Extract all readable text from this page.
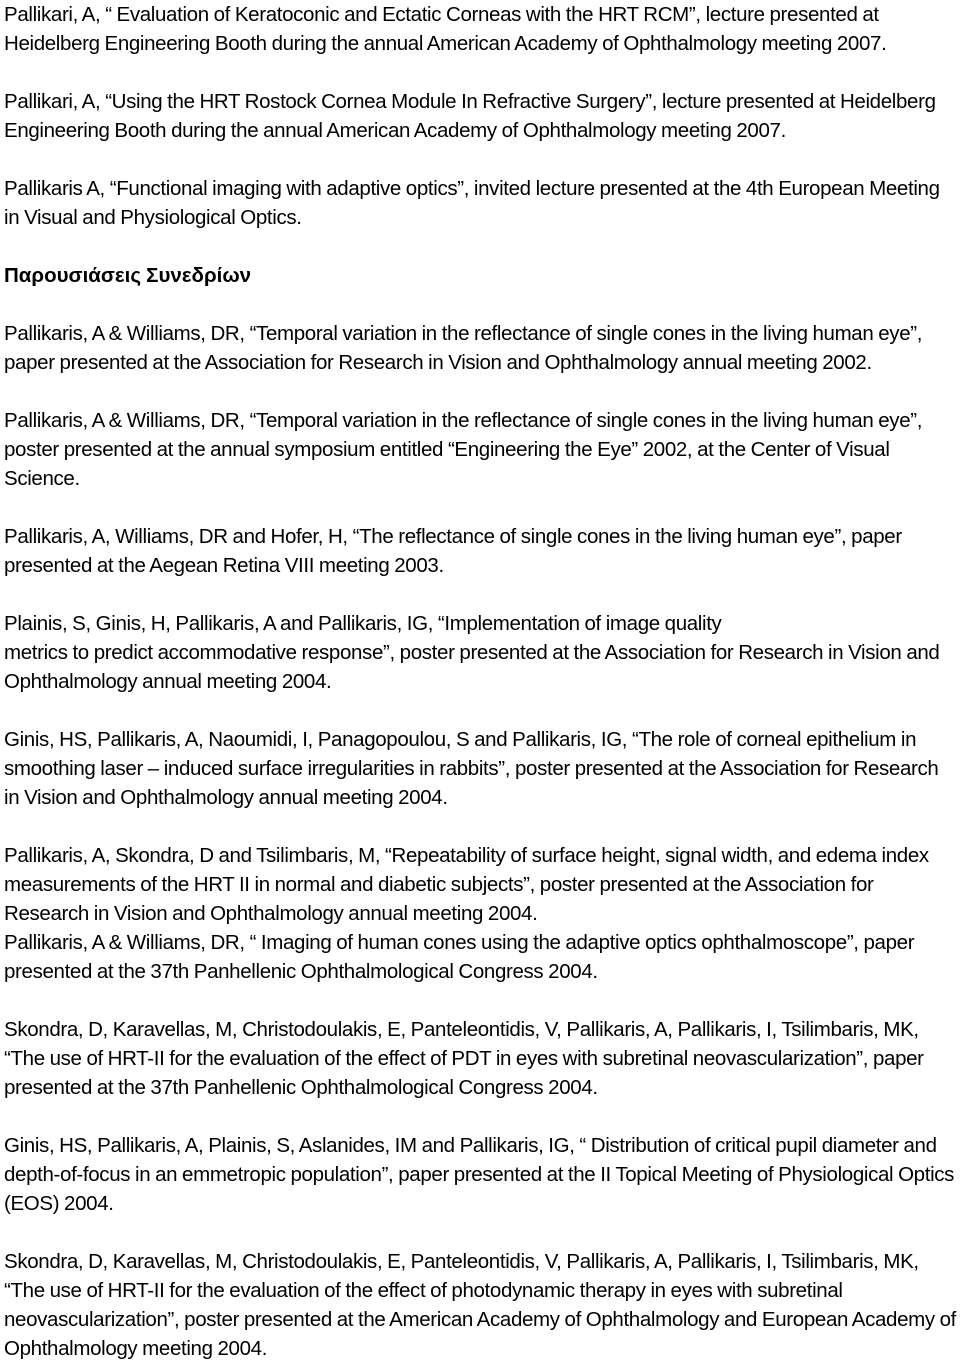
Pallikari, A, “ Evaluation of Keratoconic and Ectatic Corneas with the HRT RCM”, lecture presented at Heidelberg Engineering Booth during the annual American Academy of Ophthalmology meeting 2007.

Pallikari, A, “Using the HRT Rostock Cornea Module In Refractive Surgery”, lecture presented at Heidelberg Engineering Booth during the annual American Academy of Ophthalmology meeting 2007.

Pallikaris A, “Functional imaging with adaptive optics”, invited lecture presented at the 4th European Meeting in Visual and Physiological Optics.

Παρουσιάσεις Συνεδρίων

Pallikaris, A & Williams, DR, “Temporal variation in the reflectance of single cones in the living human eye”, paper presented at the Association for Research in Vision and Ophthalmology annual meeting 2002.

Pallikaris, A & Williams, DR, “Temporal variation in the reflectance of single cones in the living human eye”, poster presented at the annual symposium entitled “Engineering the Eye” 2002, at the Center of Visual Science.

Pallikaris, A, Williams, DR and Hofer, H, “The reflectance of single cones in the living human eye”, paper presented at the Aegean Retina VIII meeting 2003.

Plainis, S, Ginis, H, Pallikaris, A and Pallikaris, IG, “Implementation of image quality

metrics to predict accommodative response”, poster presented at the Association for Research in Vision and Ophthalmology annual meeting 2004.

Ginis, HS, Pallikaris, A, Naoumidi, I, Panagopoulou, S and Pallikaris, IG, “The role of corneal epithelium in smoothing laser – induced surface irregularities in rabbits”, poster presented at the Association for Research in Vision and Ophthalmology annual meeting 2004.

Pallikaris, A, Skondra, D and Tsilimbaris, M, “Repeatability of surface height, signal width, and edema index measurements of the HRT II in normal and diabetic subjects”, poster presented at the Association for Research in Vision and Ophthalmology annual meeting 2004.

Pallikaris, A & Williams, DR, “ Imaging of human cones using the adaptive optics ophthalmoscope”, paper presented at the 37th Panhellenic Ophthalmological Congress 2004.

Skondra, D, Karavellas, M, Christodoulakis, E, Panteleontidis, V, Pallikaris, A, Pallikaris, I, Tsilimbaris, MK, “The use of HRT-II for the evaluation of the effect of PDT in eyes with subretinal neovascularization”, paper presented at the 37th Panhellenic Ophthalmological Congress 2004.

Ginis, HS, Pallikaris, A, Plainis, S, Aslanides, IM and Pallikaris, IG, “ Distribution of critical pupil diameter and depth-of-focus in an emmetropic population”, paper presented at the II Topical Meeting of Physiological Optics (EOS) 2004.

Skondra, D, Karavellas, M, Christodoulakis, E, Panteleontidis, V, Pallikaris, A, Pallikaris, I, Tsilimbaris, MK, “The use of HRT-II for the evaluation of the effect of photodynamic therapy in eyes with subretinal neovascularization”, poster presented at the American Academy of Ophthalmology and European Academy of Ophthalmology meeting 2004.
